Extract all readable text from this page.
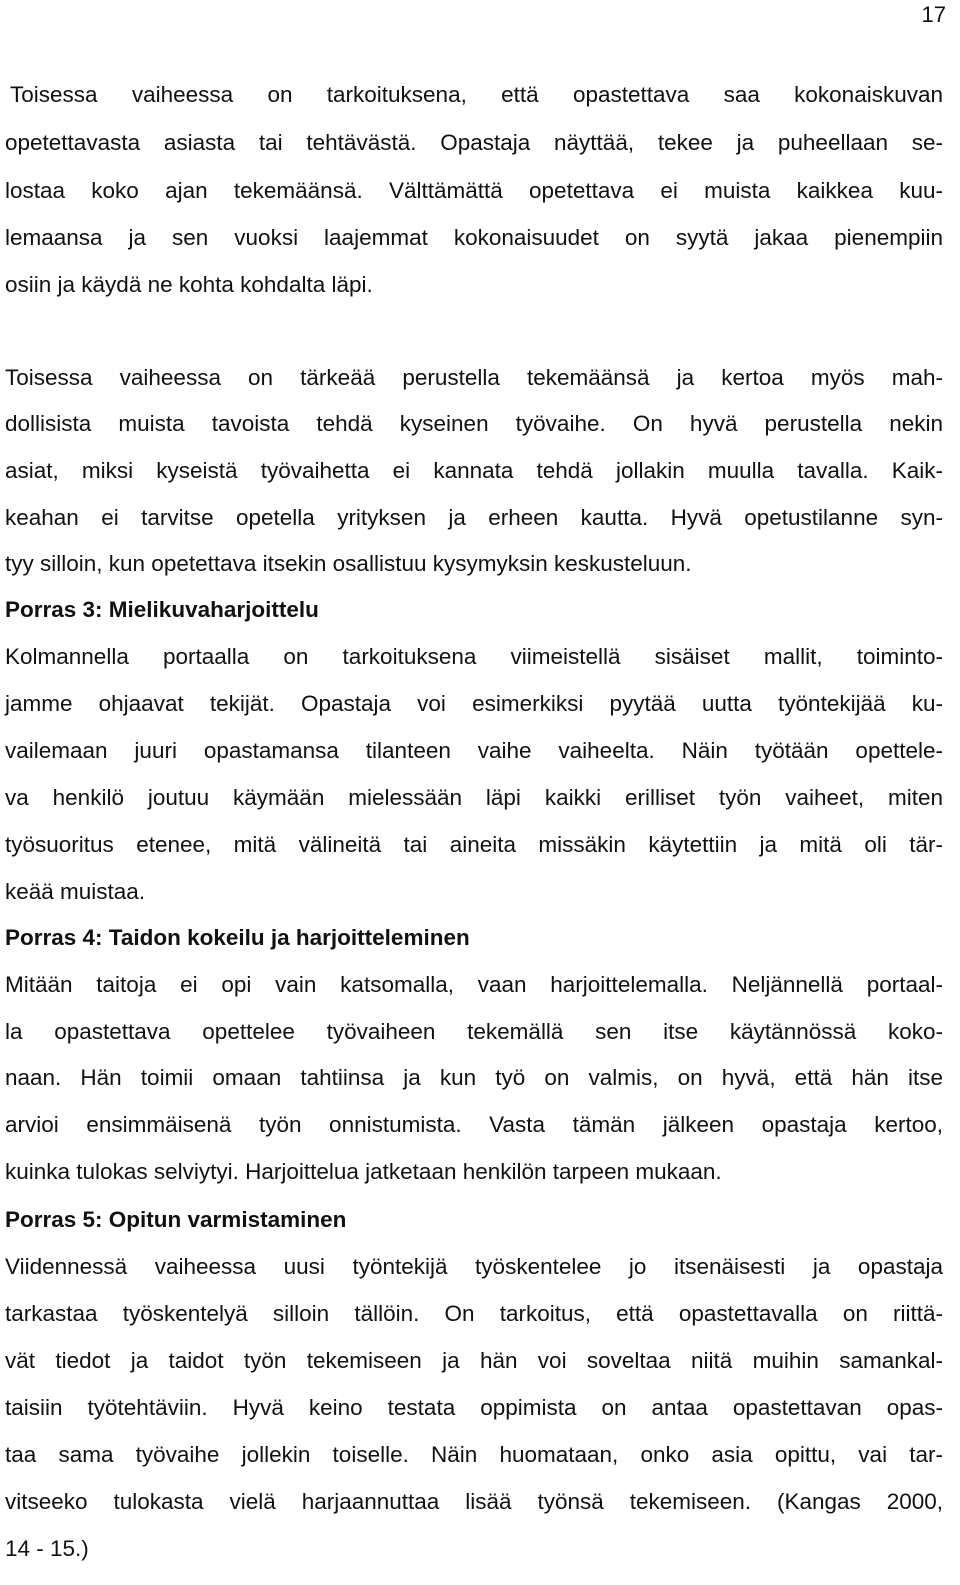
17
Toisessa vaiheessa on tarkoituksena, että opastettava saa kokonaiskuvan
opetettavasta asiasta tai tehtävästä. Opastaja näyttää, tekee ja puheellaan se-
lostaa koko ajan tekemäänsä. Välttämättä opetettava ei muista kaikkea kuu-
lemaansa ja sen vuoksi laajemmat kokonaisuudet on syytä jakaa pienempiin
osiin ja käydä ne kohta kohdalta läpi.
Toisessa vaiheessa on tärkeää perustella tekemäänsä ja kertoa myös mah-
dollisista muista tavoista tehdä kyseinen työvaihe. On hyvä perustella nekin
asiat, miksi kyseistä työvaihetta ei kannata tehdä jollakin muulla tavalla. Kaik-
keahan ei tarvitse opetella yrityksen ja erheen kautta. Hyvä opetustilanne syn-
tyy silloin, kun opetettava itsekin osallistuu kysymyksin keskusteluun.
Porras 3: Mielikuvaharjoittelu
Kolmannella portaalla on tarkoituksena viimeistellä sisäiset mallit, toiminto-
jamme ohjaavat tekijät. Opastaja voi esimerkiksi pyytää uutta työntekijää ku-
vailemaan juuri opastamansa tilanteen vaihe vaiheelta. Näin työtään opettele-
va henkilö joutuu käymään mielessään läpi kaikki erilliset työn vaiheet, miten
työsuoritus etenee, mitä välineitä tai aineita missäkin käytettiin ja mitä oli tär-
keää muistaa.
Porras 4: Taidon kokeilu ja harjoitteleminen
Mitään taitoja ei opi vain katsomalla, vaan harjoittelemalla. Neljännellä portaal-
la opastettava opettelee työvaiheen tekemällä sen itse käytännössä koko-
naan. Hän toimii omaan tahtiinsa ja kun työ on valmis, on hyvä, että hän itse
arvioi ensimmäisenä työn onnistumista. Vasta tämän jälkeen opastaja kertoo,
kuinka tulokas selviytyi. Harjoittelua jatketaan henkilön tarpeen mukaan.
Porras 5: Opitun varmistaminen
Viidennessä vaiheessa uusi työntekijä työskentelee jo itsenäisesti ja opastaja
tarkastaa työskentelyä silloin tällöin. On tarkoitus, että opastettavalla on riittä-
vät tiedot ja taidot työn tekemiseen ja hän voi soveltaa niitä muihin samankal-
taisiin työtehtäviin. Hyvä keino testata oppimista on antaa opastettavan opas-
taa sama työvaihe jollekin toiselle. Näin huomataan, onko asia opittu, vai tar-
vitseeko tulokasta vielä harjaannuttaa lisää työnsä tekemiseen. (Kangas 2000,
14 - 15.)
